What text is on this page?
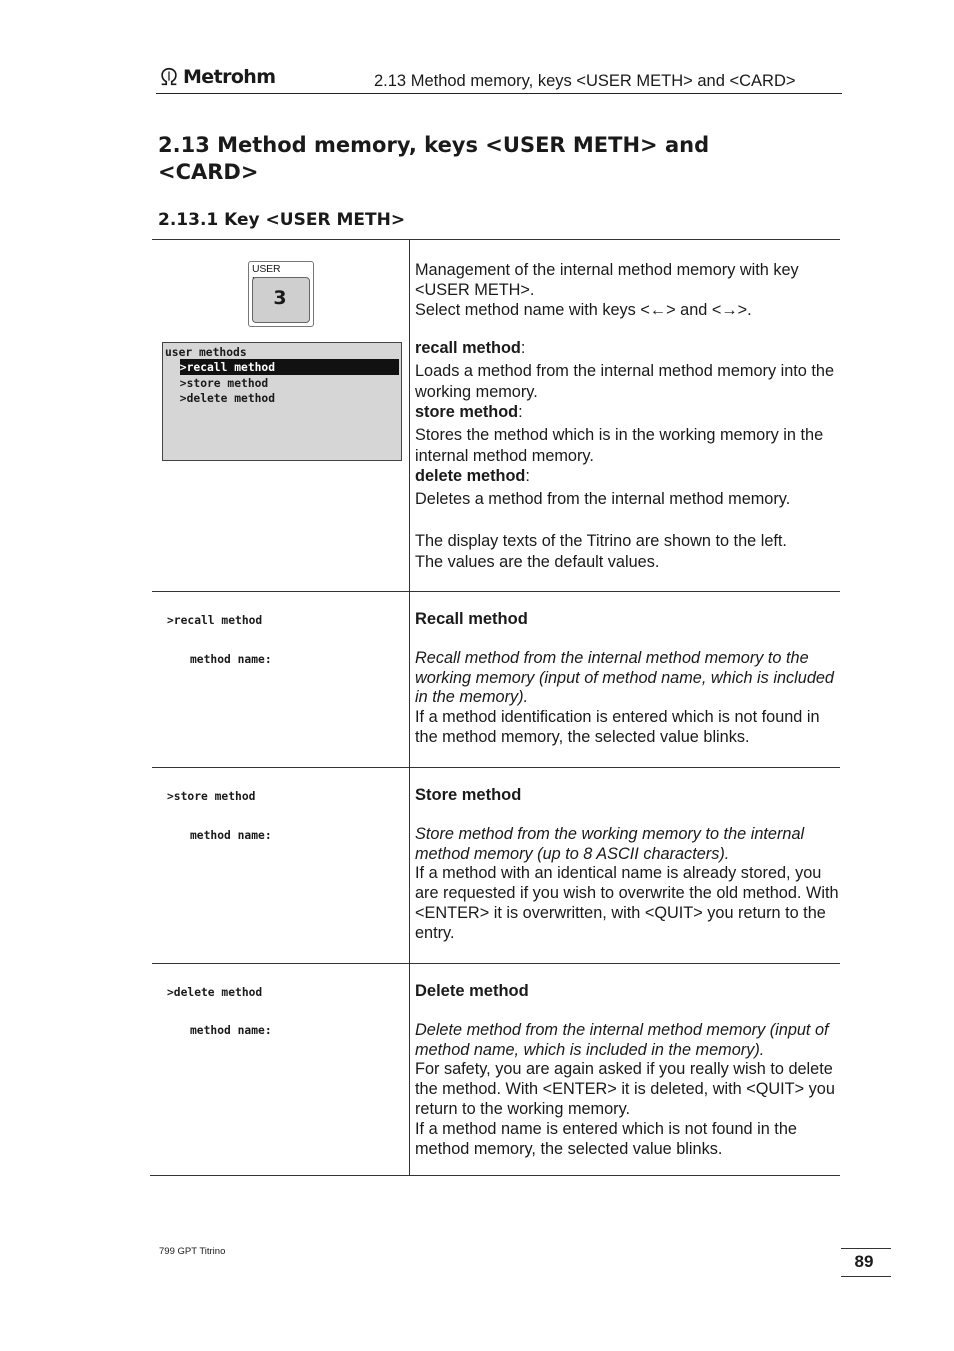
Metrohm	2.13 Method memory, keys <USER METH> and <CARD>
2.13 Method memory, keys <USER METH> and <CARD>
2.13.1 Key <USER METH>
USER
3
user methods
>recall method
>store method
>delete method

Management of the internal method memory with key <USER METH>.

Select method name with keys <←> and <→>.

recall method:

Loads a method from the internal method memory into the working memory.

store method:

Stores the method which is in the working memory in the internal method memory.

delete method:

Deletes a method from the internal method memory.

The display texts of the Titrino are shown to the left.

The values are the default values.

>recall method
method name:

Recall method

Recall method from the internal method memory to the working memory (input of method name, which is included in the memory).

If a method identification is entered which is not found in the method memory, the selected value blinks.

>store method
method name:

Store method

Store method from the working memory to the internal method memory (up to 8 ASCII characters).

If a method with an identical name is already stored, you are requested if you wish to overwrite the old method. With <ENTER> it is overwritten, with <QUIT> you return to the entry.

>delete method
method name:

Delete method

Delete method from the internal method memory (input of method name, which is included in the memory).

For safety, you are again asked if you really wish to delete the method. With <ENTER> it is deleted, with <QUIT> you return to the working memory.

If a method name is entered which is not found in the method memory, the selected value blinks.

799 GPT Titrino
89
